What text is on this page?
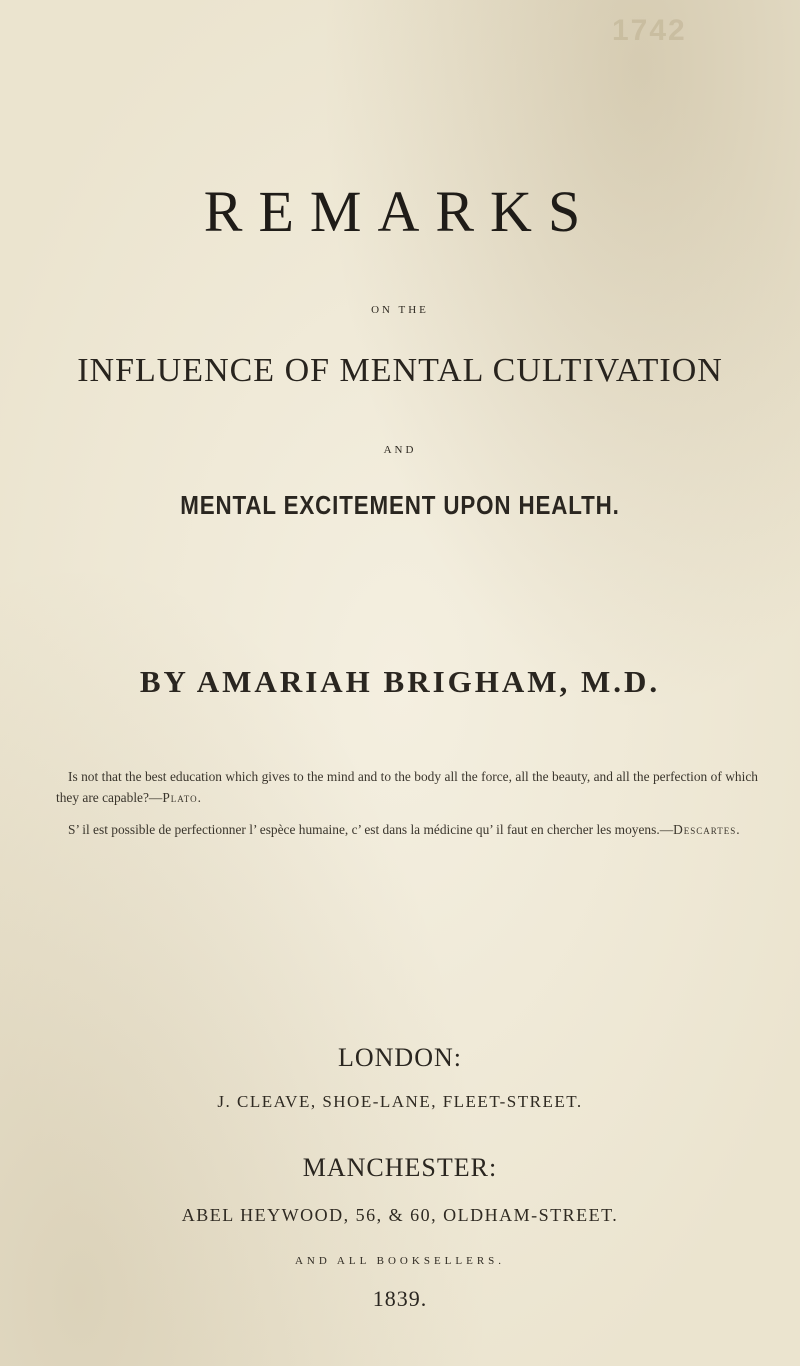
1742
REMARKS
ON THE
INFLUENCE OF MENTAL CULTIVATION
AND
MENTAL EXCITEMENT UPON HEALTH.
BY AMARIAH BRIGHAM, M.D.
Is not that the best education which gives to the mind and to the body all the force, all the beauty, and all the perfection of which they are capable?—Plato.
S’ il est possible de perfectionner l’ espèce humaine, c’ est dans la médicine qu’ il faut en chercher les moyens.—Descartes.
LONDON:
J. CLEAVE, SHOE-LANE, FLEET-STREET.
MANCHESTER:
ABEL HEYWOOD, 56, & 60, OLDHAM-STREET.
AND ALL BOOKSELLERS.
1839.
